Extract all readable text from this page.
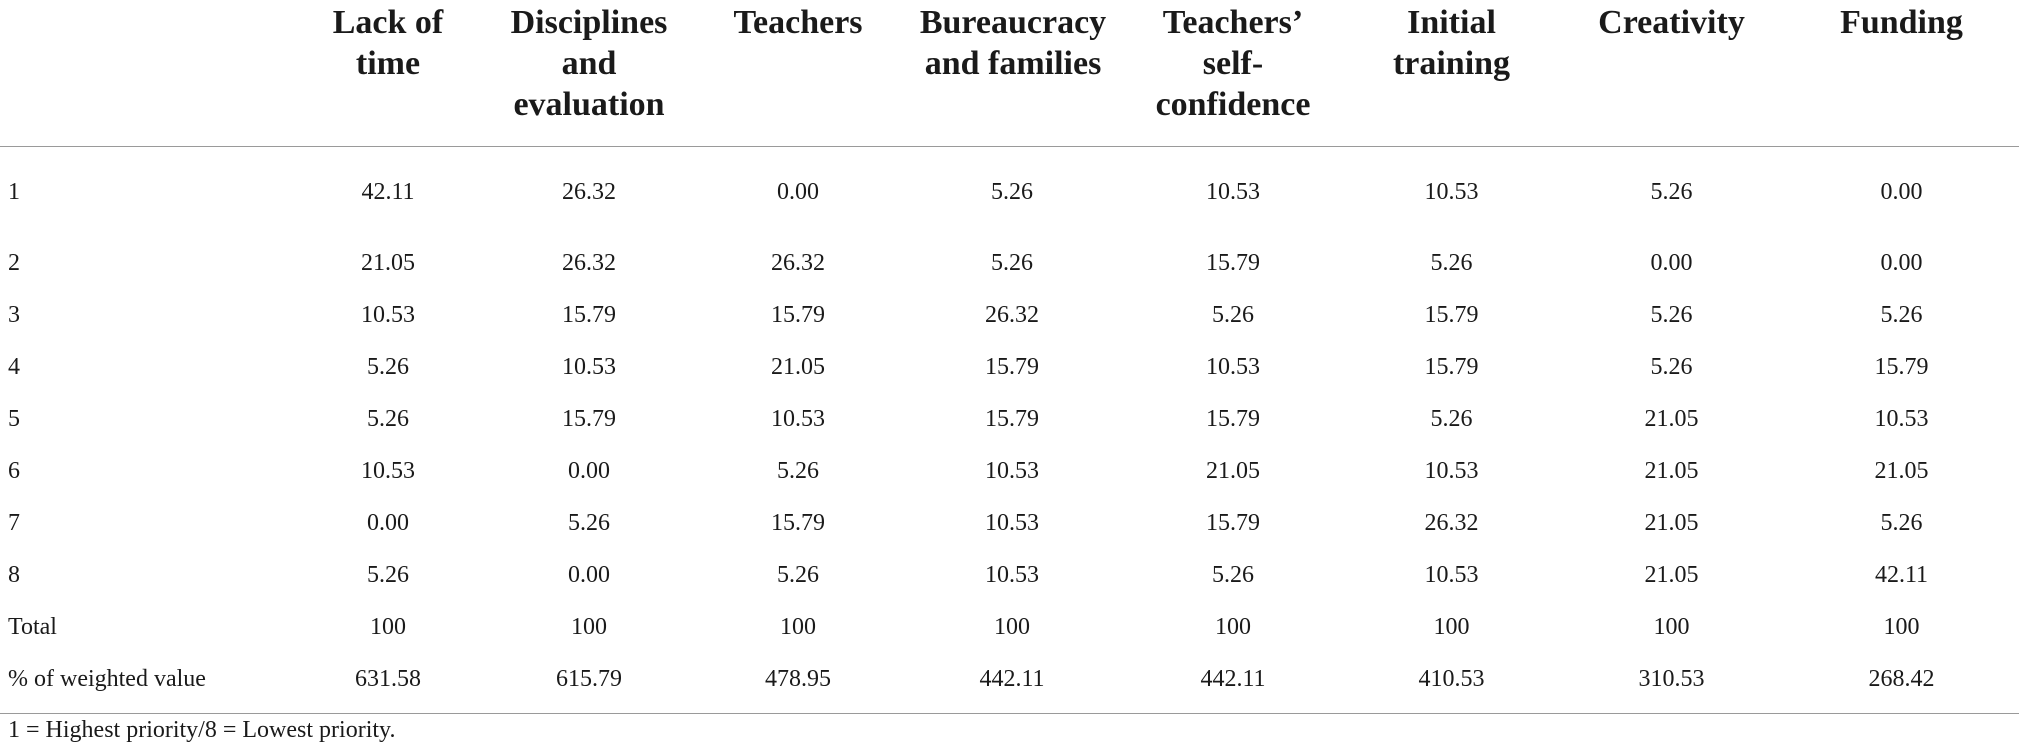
	Lack of time	Disciplines and evaluation	Teachers	Bureaucracy and families	Teachers’ self-confidence	Initial training	Creativity	Funding
1	42.11	26.32	0.00	5.26	10.53	10.53	5.26	0.00
2	21.05	26.32	26.32	5.26	15.79	5.26	0.00	0.00
3	10.53	15.79	15.79	26.32	5.26	15.79	5.26	5.26
4	5.26	10.53	21.05	15.79	10.53	15.79	5.26	15.79
5	5.26	15.79	10.53	15.79	15.79	5.26	21.05	10.53
6	10.53	0.00	5.26	10.53	21.05	10.53	21.05	21.05
7	0.00	5.26	15.79	10.53	15.79	26.32	21.05	5.26
8	5.26	0.00	5.26	10.53	5.26	10.53	21.05	42.11
Total	100	100	100	100	100	100	100	100
% of weighted value	631.58	615.79	478.95	442.11	442.11	410.53	310.53	268.42
1 = Highest priority/8 = Lowest priority.
